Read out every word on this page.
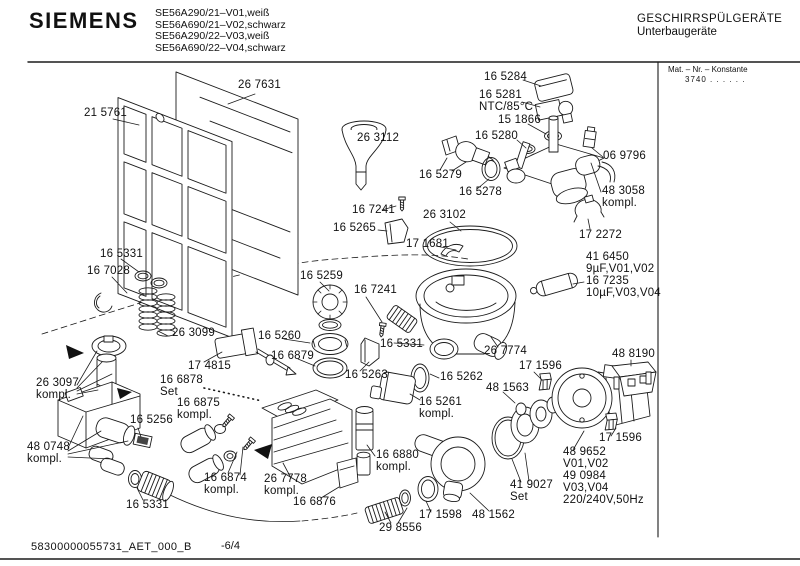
SIEMENS SE56A290/21–V01,weiß
SE56A690/21–V02,schwarz
SE56A290/22–V03,weiß
SE56A690/22–V04,schwarz
GESCHIRRSPÜLGERÄTE
Unterbaugeräte
Mat. – Nr. – Konstante
3740 . . . . . .
26 7631
21 5761
26 3112
16 5284
16 5281
NTC/85°C
15 1866
16 5280
06 9796
16 5279
16 5278	48 3058
kompl.
17 2272
16 7241
16 5265
26 3102
17 1681
41 6450
9µF,V01,V02
16 7235
10µF,V03,V04
16 5331
16 7028	16 5259
16 7241
26 3099	16 5260
16 6879
17 4815
16 6878
Set
16 6875
kompl.
16 5263	16 5262
16 5331
26 7774
17 1596
48 8190
26 3097
kompl.
16 5256
48 1563
48 0748
kompl.
16 6874
kompl.
26 7778
kompl.
16 6880
kompl.
16 6876
16 5261
kompl.
17 1596
48 9652
V01,V02
49 0984
V03,V04
220/240V,50Hz
41 9027
Set
16 5331
29 8556
17 1598 48 1562
58300000055731_AET_000_B	-6/4
